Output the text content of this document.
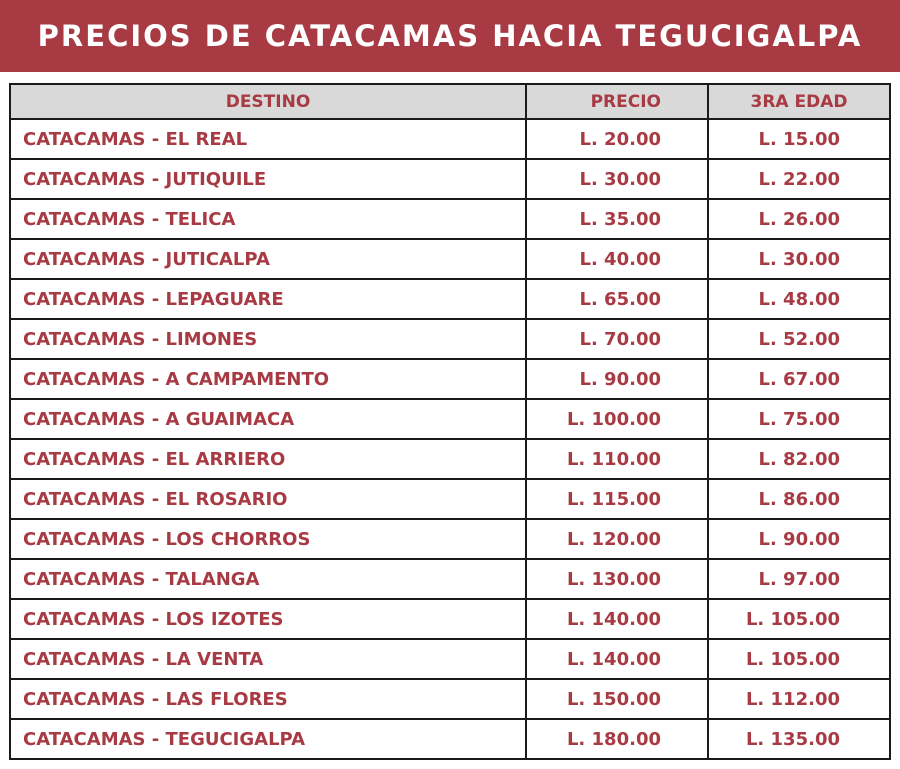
PRECIOS DE CATACAMAS HACIA TEGUCIGALPA
DESTINO	PRECIO	3RA EDAD
CATACAMAS - EL REAL	L. 20.00	L. 15.00
CATACAMAS - JUTIQUILE	L. 30.00	L. 22.00
CATACAMAS - TELICA	L. 35.00	L. 26.00
CATACAMAS - JUTICALPA	L. 40.00	L. 30.00
CATACAMAS - LEPAGUARE	L. 65.00	L. 48.00
CATACAMAS - LIMONES	L. 70.00	L. 52.00
CATACAMAS - A CAMPAMENTO	L. 90.00	L. 67.00
CATACAMAS - A GUAIMACA	L. 100.00	L. 75.00
CATACAMAS - EL ARRIERO	L. 110.00	L. 82.00
CATACAMAS - EL ROSARIO	L. 115.00	L. 86.00
CATACAMAS - LOS CHORROS	L. 120.00	L. 90.00
CATACAMAS - TALANGA	L. 130.00	L. 97.00
CATACAMAS - LOS IZOTES	L. 140.00	L. 105.00
CATACAMAS - LA VENTA	L. 140.00	L. 105.00
CATACAMAS - LAS FLORES	L. 150.00	L. 112.00
CATACAMAS - TEGUCIGALPA	L. 180.00	L. 135.00
